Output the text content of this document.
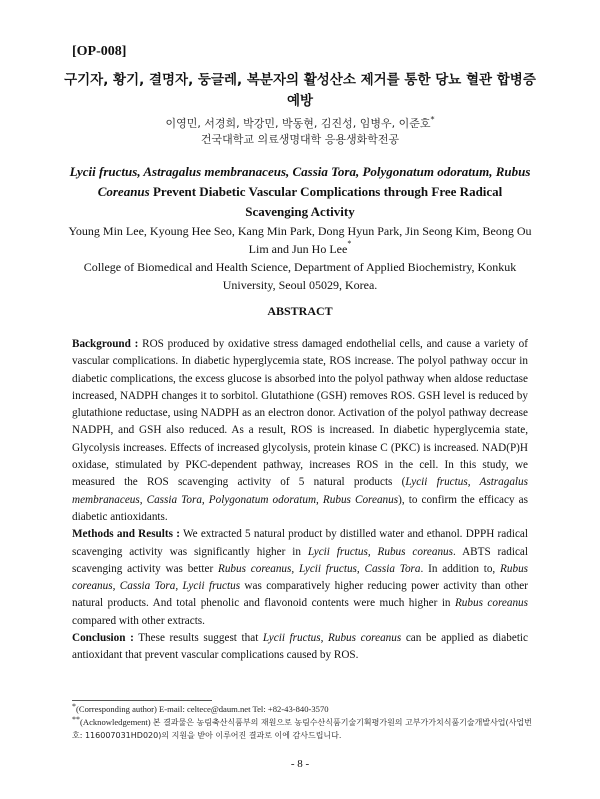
[OP-008]
구기자, 황기, 결명자, 둥글레, 복분자의 활성산소 제거를 통한 당뇨 혈관 합병증 예방
이영민, 서경희, 박강민, 박동현, 김진성, 임병우, 이준호*
건국대학교 의료생명대학 응용생화학전공
Lycii fructus, Astragalus membranaceus, Cassia Tora, Polygonatum odoratum, Rubus Coreanus Prevent Diabetic Vascular Complications through Free Radical Scavenging Activity
Young Min Lee, Kyoung Hee Seo, Kang Min Park, Dong Hyun Park, Jin Seong Kim, Beong Ou Lim and Jun Ho Lee*
College of Biomedical and Health Science, Department of Applied Biochemistry, Konkuk University, Seoul 05029, Korea.
ABSTRACT

Background : ROS produced by oxidative stress damaged endothelial cells, and cause a variety of vascular complications. In diabetic hyperglycemia state, ROS increase. The polyol pathway occur in diabetic complications, the excess glucose is absorbed into the polyol pathway when aldose reductase increased, NADPH changes it to sorbitol. Glutathione (GSH) removes ROS. GSH level is reduced by glutathione reductase, using NADPH as an electron donor. Activation of the polyol pathway decrease NADPH, and GSH also reduced. As a result, ROS is increased. In diabetic hyperglycemia state, Glycolysis increases. Effects of increased glycolysis, protein kinase C (PKC) is increased. NAD(P)H oxidase, stimulated by PKC-dependent pathway, increases ROS in the cell. In this study, we measured the ROS scavenging activity of 5 natural products (Lycii fructus, Astragalus membranaceus, Cassia Tora, Polygonatum odoratum, Rubus Coreanus), to confirm the efficacy as diabetic antioxidants.

Methods and Results : We extracted 5 natural product by distilled water and ethanol. DPPH radical scavenging activity was significantly higher in Lycii fructus, Rubus coreanus. ABTS radical scavenging activity was better Rubus coreanus, Lycii fructus, Cassia Tora. In addition to, Rubus coreanus, Cassia Tora, Lycii fructus was comparatively higher reducing power activity than other natural products. And total phenolic and flavonoid contents were much higher in Rubus coreanus compared with other extracts.

Conclusion : These results suggest that Lycii fructus, Rubus coreanus can be applied as diabetic antioxidant that prevent vascular complications caused by ROS.

*(Corresponding author) E-mail: celtece@daum.net Tel: +82-43-840-3570
**(Acknowledgement) 본 결과물은 농림축산식품부의 재원으로 농림수산식품기술기획평가원의 고부가가치식품기술개발사업(사업번호: 116007031HD020)의 지원을 받아 이루어진 결과로 이에 감사드립니다.
- 8 -
